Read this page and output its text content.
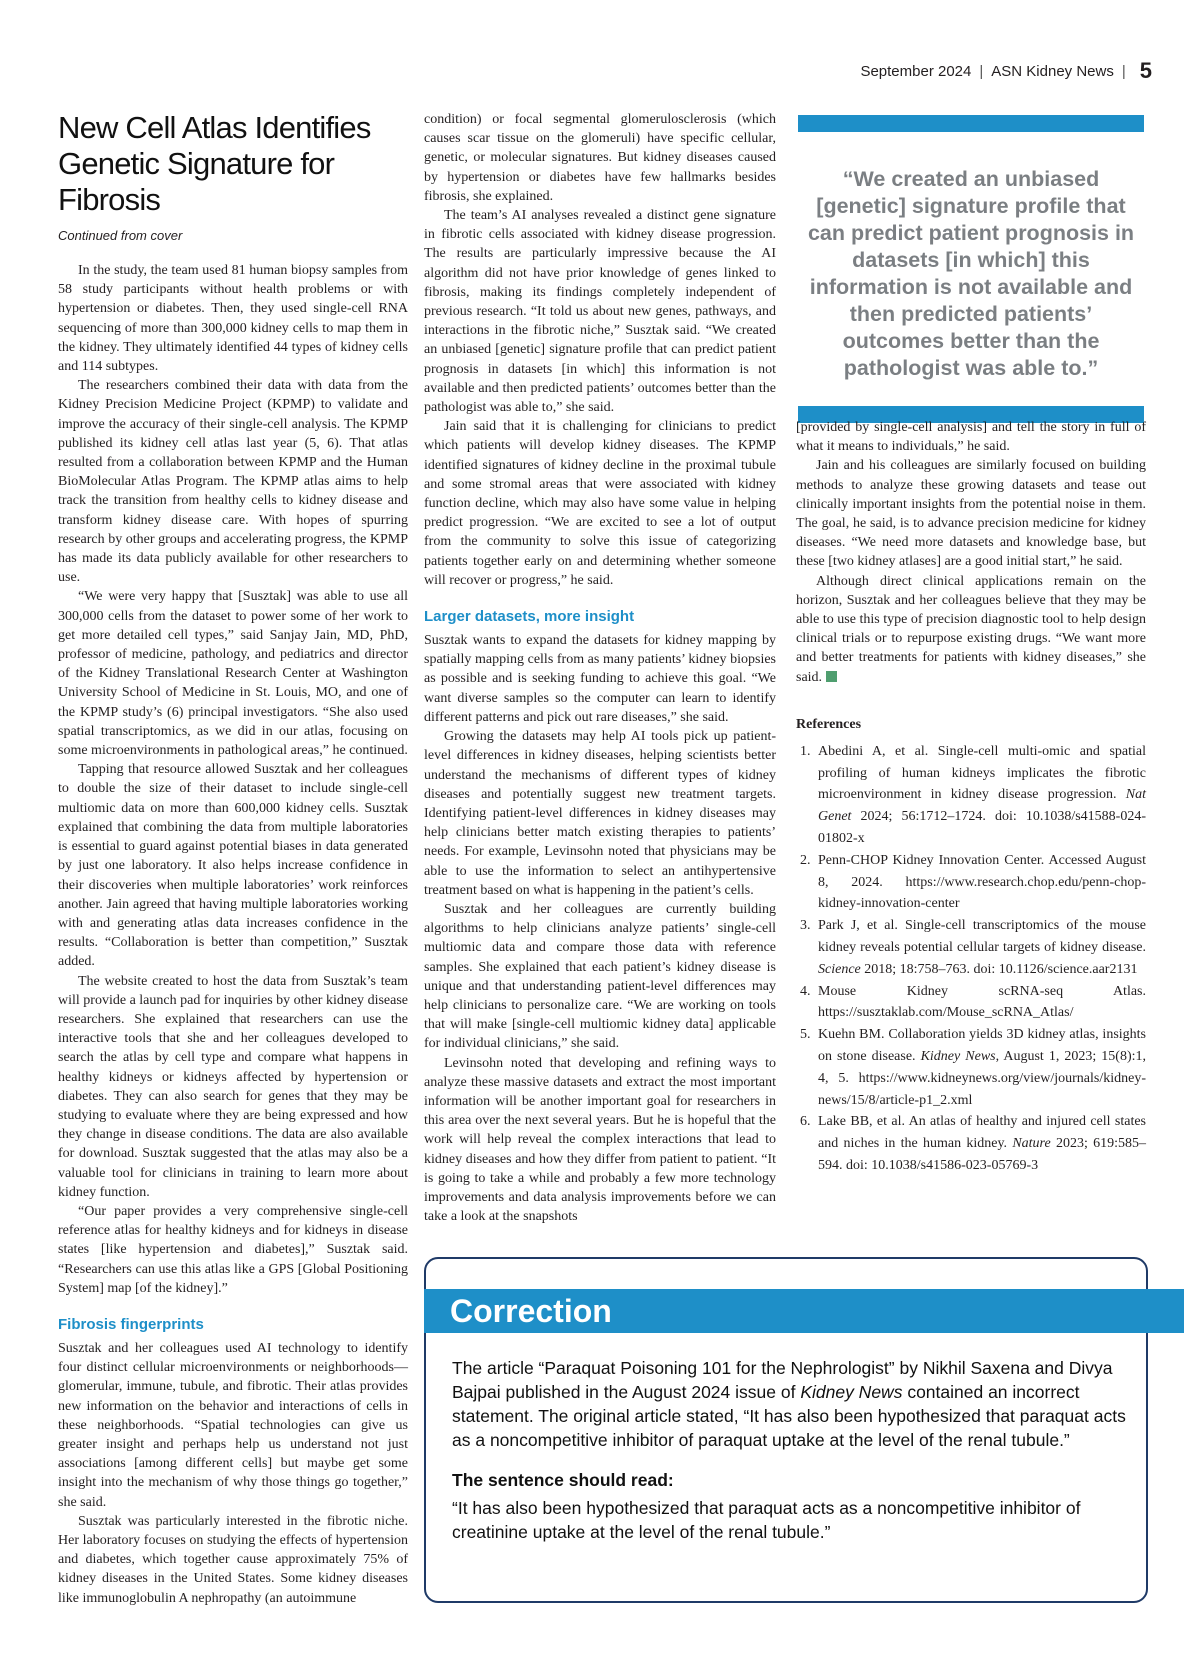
September 2024 | ASN Kidney News | 5
New Cell Atlas Identifies Genetic Signature for Fibrosis
Continued from cover

In the study, the team used 81 human biopsy samples from 58 study participants without health problems or with hypertension or diabetes. Then, they used single-cell RNA sequencing of more than 300,000 kidney cells to map them in the kidney. They ultimately identified 44 types of kidney cells and 114 subtypes.

The researchers combined their data with data from the Kidney Precision Medicine Project (KPMP) to validate and improve the accuracy of their single-cell analysis. The KPMP published its kidney cell atlas last year (5, 6). That atlas resulted from a collaboration between KPMP and the Human BioMolecular Atlas Program. The KPMP atlas aims to help track the transition from healthy cells to kidney disease and transform kidney disease care. With hopes of spurring research by other groups and accelerating progress, the KPMP has made its data publicly available for other researchers to use.

“We were very happy that [Susztak] was able to use all 300,000 cells from the dataset to power some of her work to get more detailed cell types,” said Sanjay Jain, MD, PhD, professor of medicine, pathology, and pediatrics and director of the Kidney Translational Research Center at Washington University School of Medicine in St. Louis, MO, and one of the KPMP study’s (6) principal investigators. “She also used spatial transcriptomics, as we did in our atlas, focusing on some microenvironments in pathological areas,” he continued.

Tapping that resource allowed Susztak and her colleagues to double the size of their dataset to include single-cell multiomic data on more than 600,000 kidney cells. Susztak explained that combining the data from multiple laboratories is essential to guard against potential biases in data generated by just one laboratory. It also helps increase confidence in their discoveries when multiple laboratories’ work reinforces another. Jain agreed that having multiple laboratories working with and generating atlas data increases confidence in the results. “Collaboration is better than competition,” Susztak added.

The website created to host the data from Susztak’s team will provide a launch pad for inquiries by other kidney disease researchers. She explained that researchers can use the interactive tools that she and her colleagues developed to search the atlas by cell type and compare what happens in healthy kidneys or kidneys affected by hypertension or diabetes. They can also search for genes that they may be studying to evaluate where they are being expressed and how they change in disease conditions. The data are also available for download. Susztak suggested that the atlas may also be a valuable tool for clinicians in training to learn more about kidney function.

“Our paper provides a very comprehensive single-cell reference atlas for healthy kidneys and for kidneys in disease states [like hypertension and diabetes],” Susztak said. “Researchers can use this atlas like a GPS [Global Positioning System] map [of the kidney].”

Fibrosis fingerprints

Susztak and her colleagues used AI technology to identify four distinct cellular microenvironments or neighborhoods—glomerular, immune, tubule, and fibrotic. Their atlas provides new information on the behavior and interactions of cells in these neighborhoods. “Spatial technologies can give us greater insight and perhaps help us understand not just associations [among different cells] but maybe get some insight into the mechanism of why those things go together,” she said.

Susztak was particularly interested in the fibrotic niche. Her laboratory focuses on studying the effects of hypertension and diabetes, which together cause approximately 75% of kidney diseases in the United States. Some kidney diseases like immunoglobulin A nephropathy (an autoimmune

condition) or focal segmental glomerulosclerosis (which causes scar tissue on the glomeruli) have specific cellular, genetic, or molecular signatures. But kidney diseases caused by hypertension or diabetes have few hallmarks besides fibrosis, she explained.

The team’s AI analyses revealed a distinct gene signature in fibrotic cells associated with kidney disease progression. The results are particularly impressive because the AI algorithm did not have prior knowledge of genes linked to fibrosis, making its findings completely independent of previous research. “It told us about new genes, pathways, and interactions in the fibrotic niche,” Susztak said. “We created an unbiased [genetic] signature profile that can predict patient prognosis in datasets [in which] this information is not available and then predicted patients’ outcomes better than the pathologist was able to,” she said.

Jain said that it is challenging for clinicians to predict which patients will develop kidney diseases. The KPMP identified signatures of kidney decline in the proximal tubule and some stromal areas that were associated with kidney function decline, which may also have some value in helping predict progression. “We are excited to see a lot of output from the community to solve this issue of categorizing patients together early on and determining whether someone will recover or progress,” he said.

Larger datasets, more insight

Susztak wants to expand the datasets for kidney mapping by spatially mapping cells from as many patients’ kidney biopsies as possible and is seeking funding to achieve this goal. “We want diverse samples so the computer can learn to identify different patterns and pick out rare diseases,” she said.

Growing the datasets may help AI tools pick up patient-level differences in kidney diseases, helping scientists better understand the mechanisms of different types of kidney diseases and potentially suggest new treatment targets. Identifying patient-level differences in kidney diseases may help clinicians better match existing therapies to patients’ needs. For example, Levinsohn noted that physicians may be able to use the information to select an antihypertensive treatment based on what is happening in the patient’s cells.

Susztak and her colleagues are currently building algorithms to help clinicians analyze patients’ single-cell multiomic data and compare those data with reference samples. She explained that each patient’s kidney disease is unique and that understanding patient-level differences may help clinicians to personalize care. “We are working on tools that will make [single-cell multiomic kidney data] applicable for individual clinicians,” she said.

Levinsohn noted that developing and refining ways to analyze these massive datasets and extract the most important information will be another important goal for researchers in this area over the next several years. But he is hopeful that the work will help reveal the complex interactions that lead to kidney diseases and how they differ from patient to patient. “It is going to take a while and probably a few more technology improvements and data analysis improvements before we can take a look at the snapshots

“We created an unbiased [genetic] signature profile that can predict patient prognosis in datasets [in which] this information is not available and then predicted patients’ outcomes better than the pathologist was able to.”

[provided by single-cell analysis] and tell the story in full of what it means to individuals,” he said.

Jain and his colleagues are similarly focused on building methods to analyze these growing datasets and tease out clinically important insights from the potential noise in them. The goal, he said, is to advance precision medicine for kidney diseases. “We need more datasets and knowledge base, but these [two kidney atlases] are a good initial start,” he said.

Although direct clinical applications remain on the horizon, Susztak and her colleagues believe that they may be able to use this type of precision diagnostic tool to help design clinical trials or to repurpose existing drugs. “We want more and better treatments for patients with kidney diseases,” she said.

References
1. Abedini A, et al. Single-cell multi-omic and spatial profiling of human kidneys implicates the fibrotic microenvironment in kidney disease progression. Nat Genet 2024; 56:1712–1724. doi: 10.1038/s41588-024-01802-x
2. Penn-CHOP Kidney Innovation Center. Accessed August 8, 2024. https://www.research.chop.edu/penn-chop-kidney-innovation-center
3. Park J, et al. Single-cell transcriptomics of the mouse kidney reveals potential cellular targets of kidney disease. Science 2018; 18:758–763. doi: 10.1126/science.aar2131
4. Mouse Kidney scRNA-seq Atlas. https://susztaklab.com/Mouse_scRNA_Atlas/
5. Kuehn BM. Collaboration yields 3D kidney atlas, insights on stone disease. Kidney News, August 1, 2023; 15(8):1, 4, 5. https://www.kidneynews.org/view/journals/kidney-news/15/8/article-p1_2.xml
6. Lake BB, et al. An atlas of healthy and injured cell states and niches in the human kidney. Nature 2023; 619:585–594. doi: 10.1038/s41586-023-05769-3
Correction

The article “Paraquat Poisoning 101 for the Nephrologist” by Nikhil Saxena and Divya Bajpai published in the August 2024 issue of Kidney News contained an incorrect statement. The original article stated, “It has also been hypothesized that paraquat acts as a noncompetitive inhibitor of paraquat uptake at the level of the renal tubule.”

The sentence should read:

“It has also been hypothesized that paraquat acts as a noncompetitive inhibitor of creatinine uptake at the level of the renal tubule.”
